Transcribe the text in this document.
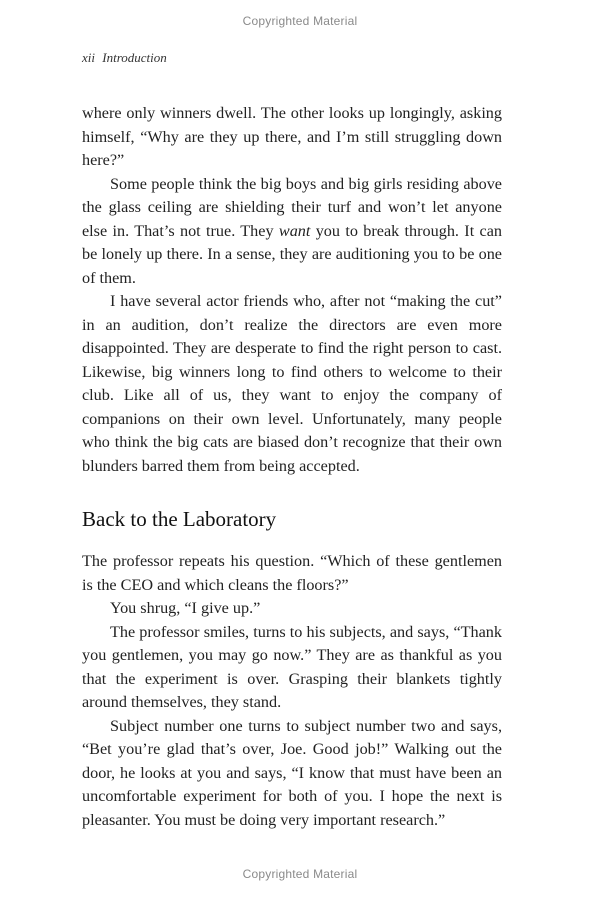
Copyrighted Material
xii Introduction

where only winners dwell. The other looks up longingly, asking himself, “Why are they up there, and I’m still struggling down here?”

Some people think the big boys and big girls residing above the glass ceiling are shielding their turf and won’t let anyone else in. That’s not true. They want you to break through. It can be lonely up there. In a sense, they are auditioning you to be one of them.

I have several actor friends who, after not “making the cut” in an audition, don’t realize the directors are even more disappointed. They are desperate to find the right person to cast. Likewise, big winners long to find others to welcome to their club. Like all of us, they want to enjoy the company of companions on their own level. Unfortunately, many people who think the big cats are biased don’t recognize that their own blunders barred them from being accepted.

Back to the Laboratory

The professor repeats his question. “Which of these gentlemen is the CEO and which cleans the floors?”

You shrug, “I give up.”

The professor smiles, turns to his subjects, and says, “Thank you gentlemen, you may go now.” They are as thankful as you that the experiment is over. Grasping their blankets tightly around themselves, they stand.

Subject number one turns to subject number two and says, “Bet you’re glad that’s over, Joe. Good job!” Walking out the door, he looks at you and says, “I know that must have been an uncomfortable experiment for both of you. I hope the next is pleasanter. You must be doing very important research.”

Copyrighted Material
